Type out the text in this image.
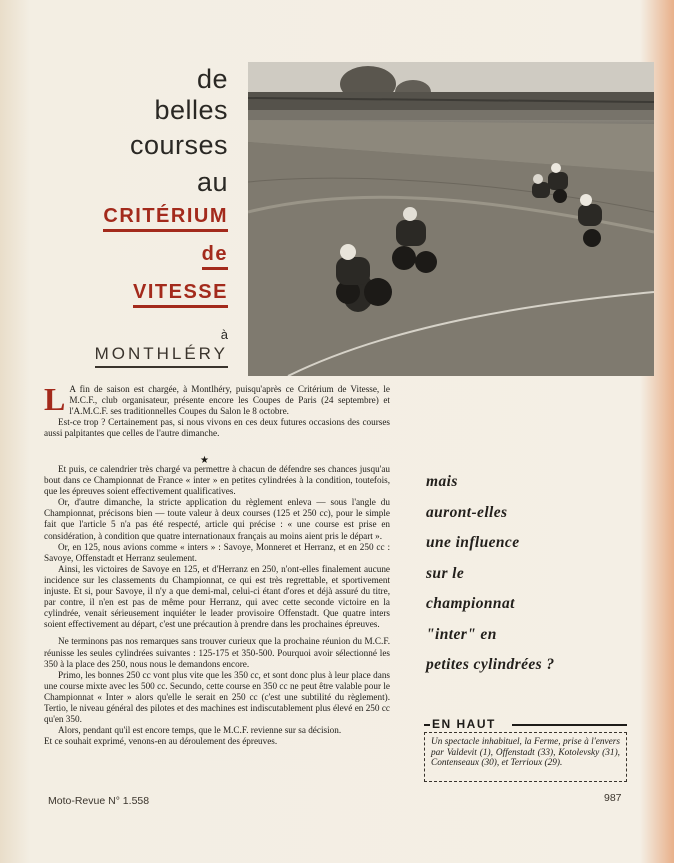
de
belles
courses
au
CRITÉRIUM
de
VITESSE
à
MONTHLÉRY
L A fin de saison est chargée, à Montlhéry, puisqu'après ce Critérium de Vitesse, le M.C.F., club organisateur, présente encore les Coupes de Paris (24 septembre) et l'A.M.C.F. ses traditionnelles Coupes du Salon le 8 octobre.

Est-ce trop ? Certainement pas, si nous vivons en ces deux futures occasions des courses aussi palpitantes que celles de l'autre dimanche.

★

Et puis, ce calendrier très chargé va permettre à chacun de défendre ses chances jusqu'au bout dans ce Championnat de France « inter » en petites cylindrées à la condition, toutefois, que les épreuves soient effectivement qualificatives.

Or, d'autre dimanche, la stricte application du règlement enleva — sous l'angle du Championnat, précisons bien — toute valeur à deux courses (125 et 250 cc), pour le simple fait que l'article 5 n'a pas été respecté, article qui précise : « une course est prise en considération, à condition que quatre internationaux français au moins aient pris le départ ».

Or, en 125, nous avions comme « inters » : Savoye, Monneret et Herranz, et en 250 cc : Savoye, Offenstadt et Herranz seulement.

Ainsi, les victoires de Savoye en 125, et d'Herranz en 250, n'ont-elles finalement aucune incidence sur les classements du Championnat, ce qui est très regrettable, et sportivement injuste. Et si, pour Savoye, il n'y a que demi-mal, celui-ci étant d'ores et déjà assuré du titre, par contre, il n'en est pas de même pour Herranz, qui avec cette seconde victoire en la cylindrée, venait sérieusement inquiéter le leader provisoire Offenstadt. Que quatre inters soient effectivement au départ, c'est une précaution à prendre dans les prochaines épreuves.

Ne terminons pas nos remarques sans trouver curieux que la prochaine réunion du M.C.F. réunisse les seules cylindrées suivantes : 125-175 et 350-500. Pourquoi avoir sélectionné les 350 à la place des 250, nous nous le demandons encore.

Primo, les bonnes 250 cc vont plus vite que les 350 cc, et sont donc plus à leur place dans une course mixte avec les 500 cc. Secundo, cette course en 350 cc ne peut être valable pour le Championnat « Inter » alors qu'elle le serait en 250 cc (c'est une subtilité du règlement). Tertio, le niveau général des pilotes et des machines est indiscutablement plus élevé en 250 cc qu'en 350.

Alors, pendant qu'il est encore temps, que le M.C.F. revienne sur sa décision.

Et ce souhait exprimé, venons-en au déroulement des épreuves.

mais
auront-elles
une influence
sur le
championnat
"inter" en
petites cylindrées ?
EN HAUT
Un spectacle inhabituel, la Ferme, prise à l'envers par Valdevit (1), Offenstadt (33), Kotolevsky (31), Contenseaux (30), et Terrioux (29).
Moto-Revue N° 1.558	987
